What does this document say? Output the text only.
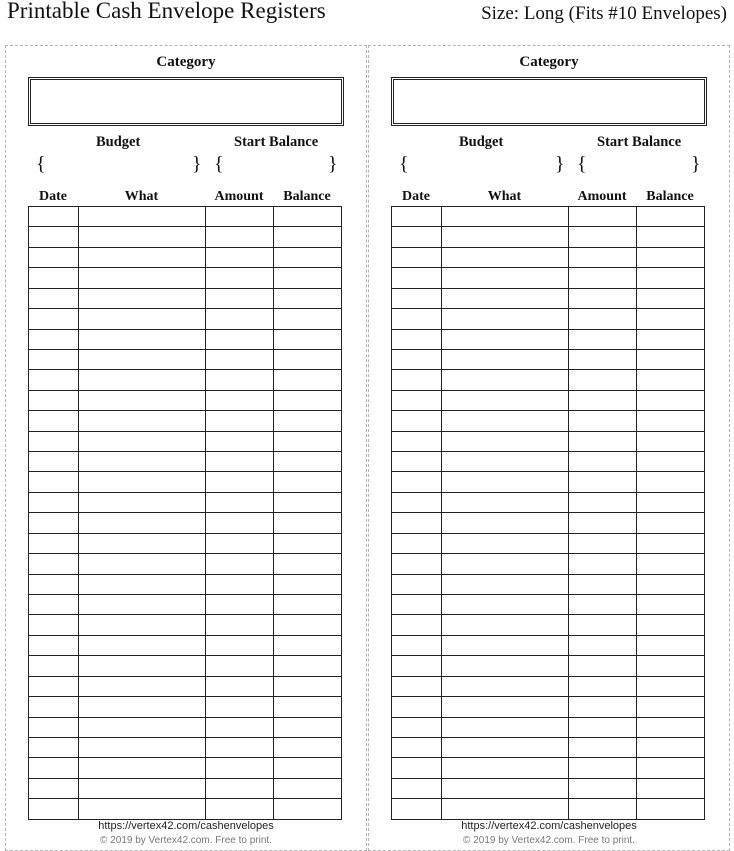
Printable Cash Envelope Registers	Size: Long (Fits #10 Envelopes)
Category
Budget	Start Balance
{	} {	}
Date	What	Amount	Balance

https://vertex42.com/cashenvelopes
© 2019 by Vertex42.com. Free to print.
Category
Budget	Start Balance
{	} {	}
Date	What	Amount	Balance

https://vertex42.com/cashenvelopes
© 2019 by Vertex42.com. Free to print.
